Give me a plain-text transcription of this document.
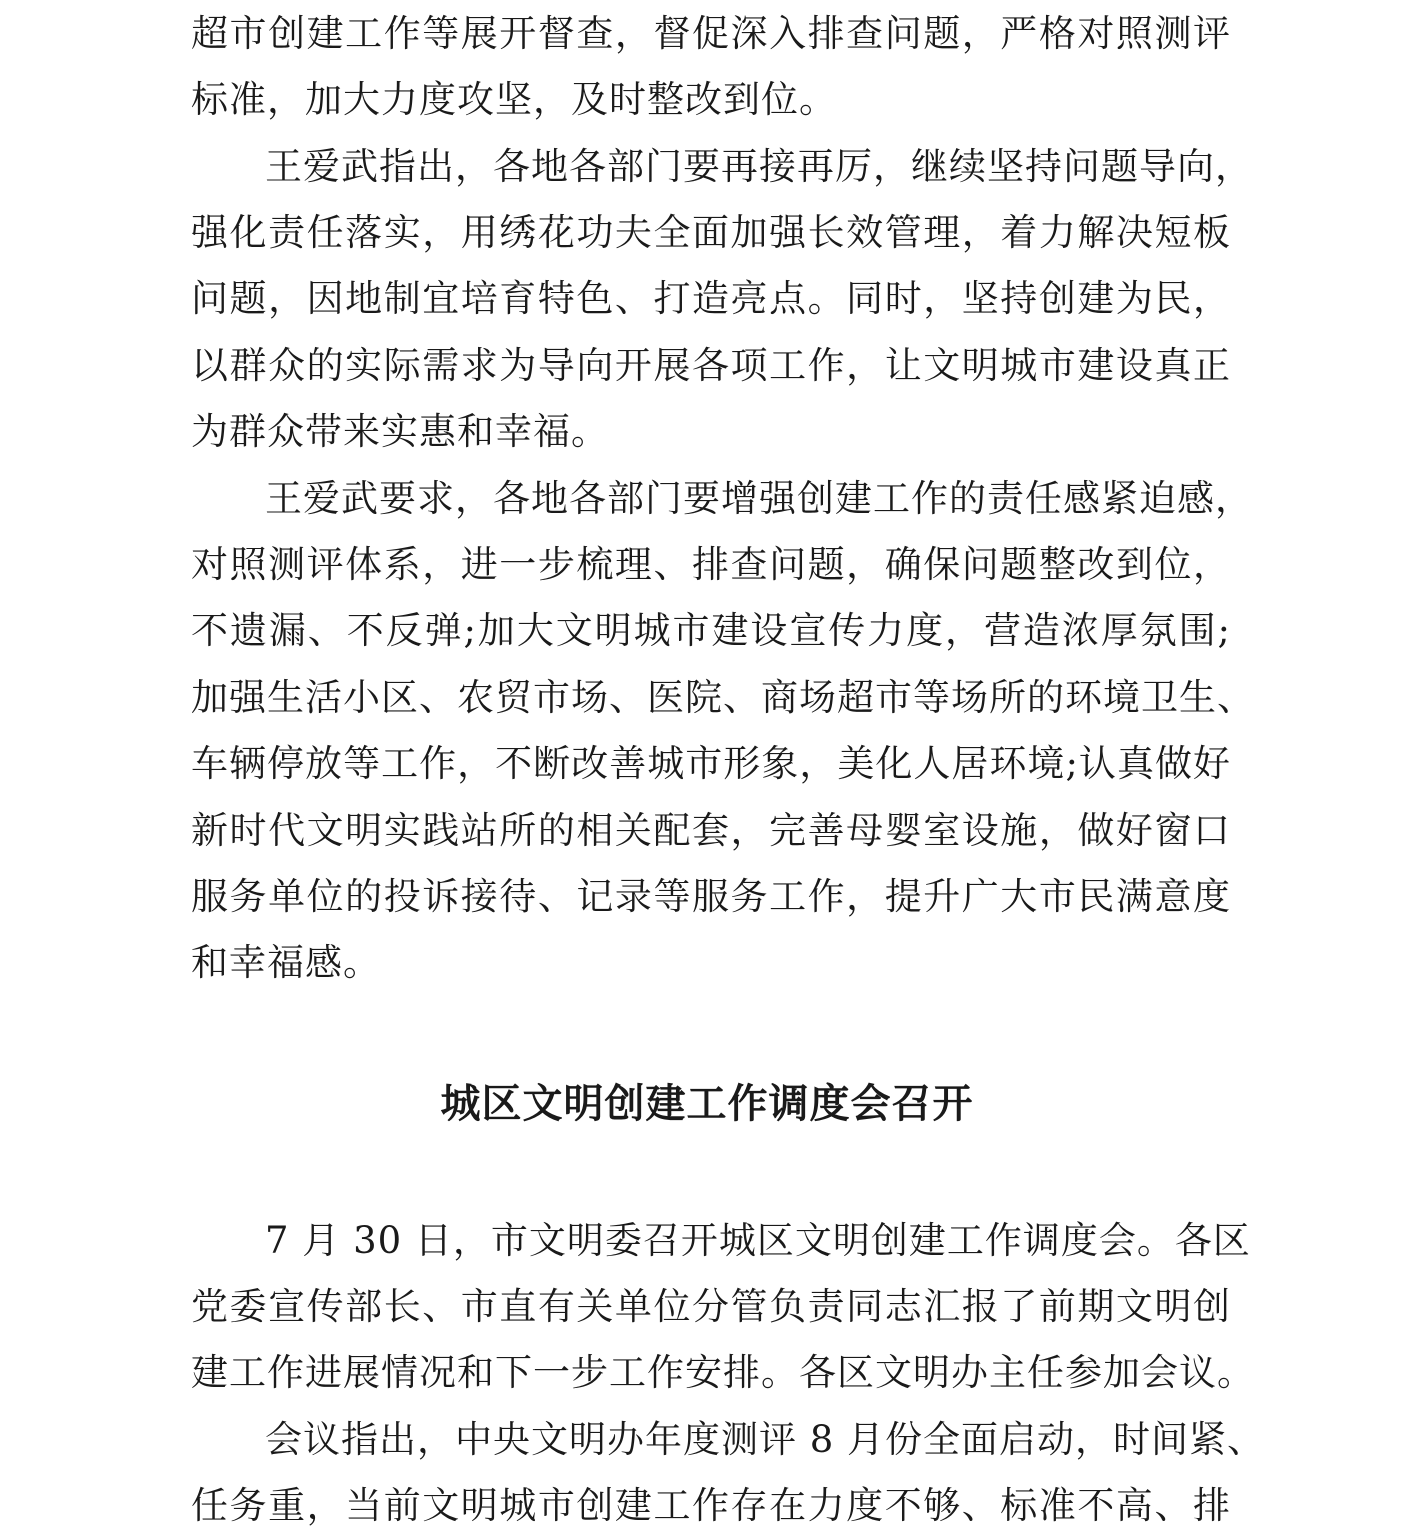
超市创建工作等展开督查，督促深入排查问题，严格对照测评
标准，加大力度攻坚，及时整改到位。
王爱武指出，各地各部门要再接再厉，继续坚持问题导向，
强化责任落实，用绣花功夫全面加强长效管理，着力解决短板
问题，因地制宜培育特色、打造亮点。同时，坚持创建为民，
以群众的实际需求为导向开展各项工作，让文明城市建设真正
为群众带来实惠和幸福。
王爱武要求，各地各部门要增强创建工作的责任感紧迫感，
对照测评体系，进一步梳理、排查问题，确保问题整改到位，
不遗漏、不反弹;加大文明城市建设宣传力度，营造浓厚氛围;
加强生活小区、农贸市场、医院、商场超市等场所的环境卫生、
车辆停放等工作，不断改善城市形象，美化人居环境;认真做好
新时代文明实践站所的相关配套，完善母婴室设施，做好窗口
服务单位的投诉接待、记录等服务工作，提升广大市民满意度
和幸福感。
城区文明创建工作调度会召开
7 月 30 日，市文明委召开城区文明创建工作调度会。各区
党委宣传部长、市直有关单位分管负责同志汇报了前期文明创
建工作进展情况和下一步工作安排。各区文明办主任参加会议。
会议指出，中央文明办年度测评 8 月份全面启动，时间紧、
任务重，当前文明城市创建工作存在力度不够、标准不高、排
